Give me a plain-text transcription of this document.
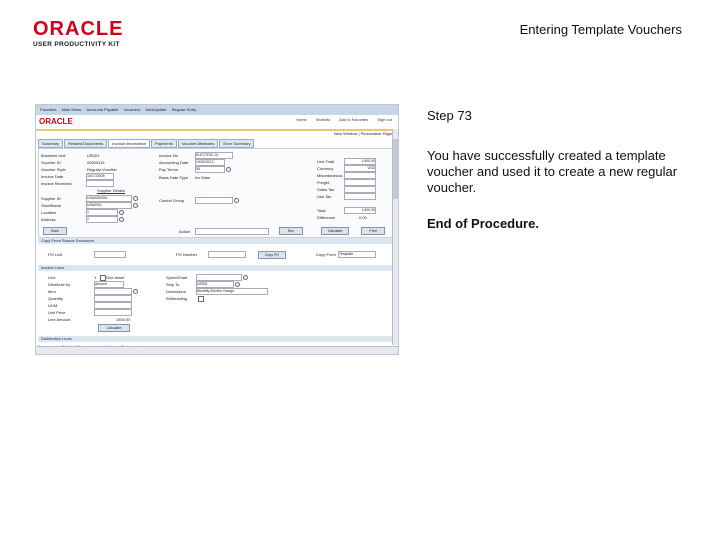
ORACLE
USER PRODUCTIVITY KIT
Entering Template Vouchers
Favorites Main Menu Accounts Payable Vouchers Add/Update Regular Entry
ORACLE	Home Worklist Add to Favorites Sign out
New Window | Personalize Page
Summary	Related Documents	Invoice Information	Payments	Voucher Attributes	Error Summary
Business Unit	US001
Voucher ID	00000115
Voucher Style	Regular Voucher
Invoice Date	10/17/2005
Invoice Received
Supplier Details
Supplier ID	USA0000001
ShortName	USA0001
Location	1
Address	1
Invoice No	ELECTRIC-01
Accounting Date 10/25/2013
Pay Terms	30
Basis Date Type Inv Date
Control Group
Line Total	1,500.00
Currency	USD
Miscellaneous
Freight
Sales Tax
Use Tax
Total	1,500.00
Difference	0.00
Action	Run	Calculate	Print
Save
Copy From Source Document
PO Unit	PO Number	Copy PO	Copy From Template
Invoice Lines
Line	1 One Asset
Distribute by	Amount
Item
Quantity
UOM
Unit Price
Line Amount	1500.00
Calculate
SpeedChart
Ship To	US001
Description	Monthly Electric Charge
Withholding
Distribution Lines
Step 73
You have successfully created a template voucher and used it to create a new regular voucher.
End of Procedure.
